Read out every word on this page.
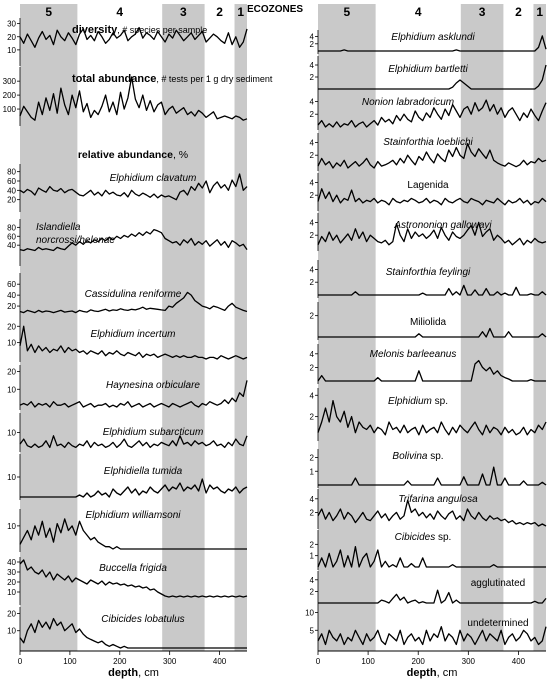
5	4	3 2 1
10
20
30	diversity, # species per sample
100
200
300	total abundance, # tests per 1 g dry sediment
20
40
60
80
Elphidium clavatum
40
60
80 Islandiella
norcrossi/helenae
20
40
60
Cassidulina reniforme
10
20
Elphidium incertum
10
20
Haynesina orbiculare
10	Elphidium subarcticum
10
Elphidiella tumida
10
Elphidium williamsoni
10
20
30
40
Buccella frigida
10
20
Cibicides lobatulus
relative abundance, %
0	100	200	300	400
depth, cm
5	4	3 2 1
2
4	Elphidium asklundi
2
4	Elphidium bartletti
2
4	Nonion labradoricum
2
4	Stainforthia loeblichi
2
4	Lagenida
2
4	Astrononion gallowayi
2
4	Stainforthia feylingi
2
Miliolida
2
4	Melonis barleeanus
2
4
Elphidium sp.
1
2	Bolivina sp.
2
4	Trifarina angulosa
1
2
Cibicides sp.
2
4	agglutinated
5
10
undetermined
0	100	200	300	400
depth, cm
ECOZONES
